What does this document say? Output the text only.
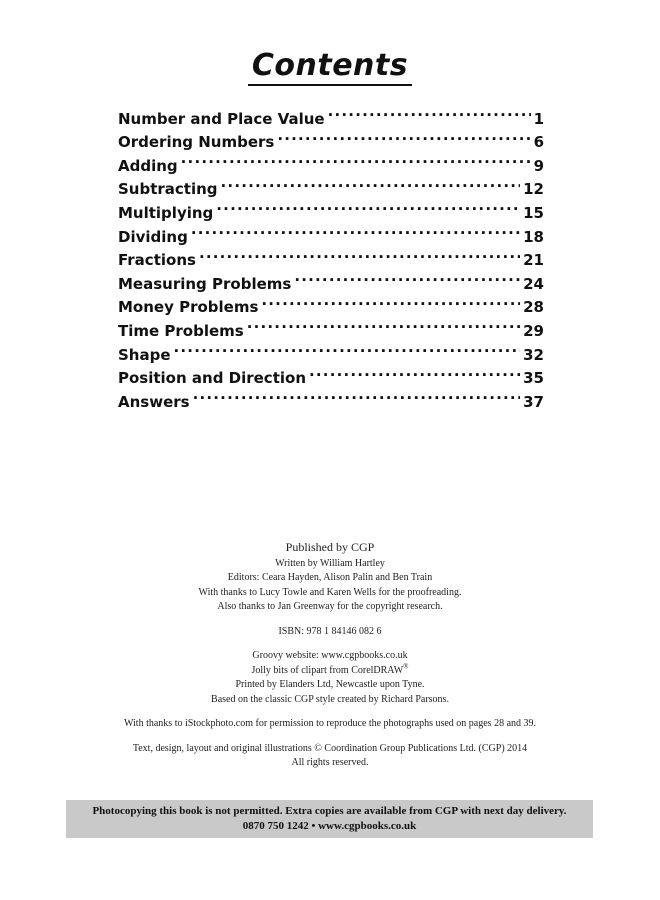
Contents
Number and Place Value .....	1
Ordering Numbers .....	6
Adding .....	9
Subtracting .....	12
Multiplying .....	15
Dividing .....	18
Fractions .....	21
Measuring Problems .....	24
Money Problems .....	28
Time Problems .....	29
Shape .....	32
Position and Direction .....	35
Answers .....	37

Published by CGP

Written by William Hartley

Editors: Ceara Hayden, Alison Palin and Ben Train

With thanks to Lucy Towle and Karen Wells for the proofreading.

Also thanks to Jan Greenway for the copyright research.

ISBN: 978 1 84146 082 6

Groovy website: www.cgpbooks.co.uk

Jolly bits of clipart from CorelDRAW®

Printed by Elanders Ltd, Newcastle upon Tyne.

Based on the classic CGP style created by Richard Parsons.

With thanks to iStockphoto.com for permission to reproduce the photographs used on pages 28 and 39.

Text, design, layout and original illustrations © Coordination Group Publications Ltd. (CGP) 2014

All rights reserved.

Photocopying this book is not permitted. Extra copies are available from CGP with next day delivery.
0870 750 1242 • www.cgpbooks.co.uk
